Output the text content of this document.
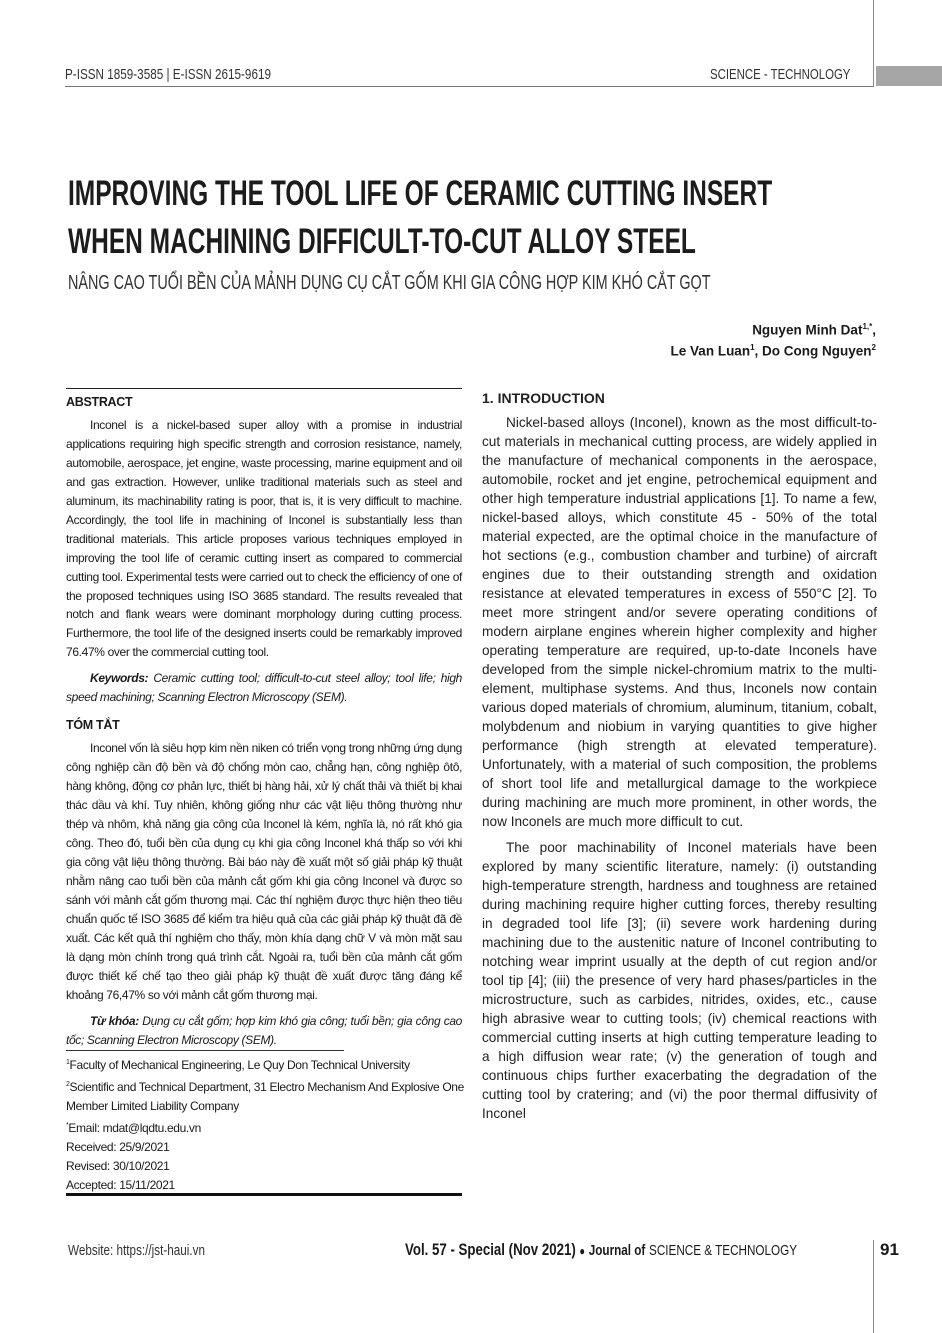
P-ISSN 1859-3585 | E-ISSN 2615-9619	SCIENCE - TECHNOLOGY
IMPROVING THE TOOL LIFE OF CERAMIC CUTTING INSERT
WHEN MACHINING DIFFICULT-TO-CUT ALLOY STEEL
NÂNG CAO TUỔI BỀN CỦA MẢNH DỤNG CỤ CẮT GỐM KHI GIA CÔNG HỢP KIM KHÓ CẮT GỌT
Nguyen Minh Dat$^{1,*}$,
Le Van Luan$^1$, Do Cong Nguyen$^2$
ABSTRACT

Inconel is a nickel-based super alloy with a promise in industrial applications requiring high specific strength and corrosion resistance, namely, automobile, aerospace, jet engine, waste processing, marine equipment and oil and gas extraction. However, unlike traditional materials such as steel and aluminum, its machinability rating is poor, that is, it is very difficult to machine. Accordingly, the tool life in machining of Inconel is substantially less than traditional materials. This article proposes various techniques employed in improving the tool life of ceramic cutting insert as compared to commercial cutting tool. Experimental tests were carried out to check the efficiency of one of the proposed techniques using ISO 3685 standard. The results revealed that notch and flank wears were dominant morphology during cutting process. Furthermore, the tool life of the designed inserts could be remarkably improved 76.47% over the commercial cutting tool.

Keywords: Ceramic cutting tool; difficult-to-cut steel alloy; tool life; high speed machining; Scanning Electron Microscopy (SEM).

TÓM TẮT

Inconel vốn là siêu hợp kim nền niken có triển vọng trong những ứng dụng công nghiệp cần độ bền và độ chống mòn cao, chẳng hạn, công nghiệp ôtô, hàng không, động cơ phản lực, thiết bị hàng hải, xử lý chất thải và thiết bị khai thác dầu và khí. Tuy nhiên, không giống như các vật liệu thông thường như thép và nhôm, khả năng gia công của Inconel là kém, nghĩa là, nó rất khó gia công. Theo đó, tuổi bền của dụng cụ khi gia công Inconel khá thấp so với khi gia công vật liệu thông thường. Bài báo này đề xuất một số giải pháp kỹ thuật nhằm nâng cao tuổi bền của mảnh cắt gốm khi gia công Inconel và được so sánh với mảnh cắt gốm thương mại. Các thí nghiệm được thực hiện theo tiêu chuẩn quốc tế ISO 3685 để kiểm tra hiệu quả của các giải pháp kỹ thuật đã đề xuất. Các kết quả thí nghiệm cho thấy, mòn khía dạng chữ V và mòn mặt sau là dạng mòn chính trong quá trình cắt. Ngoài ra, tuổi bền của mảnh cắt gốm được thiết kế chế tạo theo giải pháp kỹ thuật đề xuất được tăng đáng kể khoảng 76,47% so với mảnh cắt gốm thương mại.

Từ khóa: Dụng cụ cắt gốm; hợp kim khó gia công; tuổi bền; gia công cao tốc; Scanning Electron Microscopy (SEM).

$^1$Faculty of Mechanical Engineering, Le Quy Don Technical University
$^2$Scientific and Technical Department, 31 Electro Mechanism And Explosive One
Member Limited Liability Company
*Email: mdat@lqdtu.edu.vn
Received: 25/9/2021
Revised: 30/10/2021
Accepted: 15/11/2021
1. INTRODUCTION

Nickel-based alloys (Inconel), known as the most difficult-to-cut materials in mechanical cutting process, are widely applied in the manufacture of mechanical components in the aerospace, automobile, rocket and jet engine, petrochemical equipment and other high temperature industrial applications [1]. To name a few, nickel-based alloys, which constitute 45 - 50% of the total material expected, are the optimal choice in the manufacture of hot sections (e.g., combustion chamber and turbine) of aircraft engines due to their outstanding strength and oxidation resistance at elevated temperatures in excess of 550°C [2]. To meet more stringent and/or severe operating conditions of modern airplane engines wherein higher complexity and higher operating temperature are required, up-to-date Inconels have developed from the simple nickel-chromium matrix to the multi-element, multiphase systems. And thus, Inconels now contain various doped materials of chromium, aluminum, titanium, cobalt, molybdenum and niobium in varying quantities to give higher performance (high strength at elevated temperature). Unfortunately, with a material of such composition, the problems of short tool life and metallurgical damage to the workpiece during machining are much more prominent, in other words, the now Inconels are much more difficult to cut.

The poor machinability of Inconel materials have been explored by many scientific literature, namely: (i) outstanding high-temperature strength, hardness and toughness are retained during machining require higher cutting forces, thereby resulting in degraded tool life [3]; (ii) severe work hardening during machining due to the austenitic nature of Inconel contributing to notching wear imprint usually at the depth of cut region and/or tool tip [4]; (iii) the presence of very hard phases/particles in the microstructure, such as carbides, nitrides, oxides, etc., cause high abrasive wear to cutting tools; (iv) chemical reactions with commercial cutting inserts at high cutting temperature leading to a high diffusion wear rate; (v) the generation of tough and continuous chips further exacerbating the degradation of the cutting tool by cratering; and (vi) the poor thermal diffusivity of Inconel

Website: https://jst-haui.vn	Vol. 57 - Special (Nov 2021) ● Journal of SCIENCE & TECHNOLOGY	91
